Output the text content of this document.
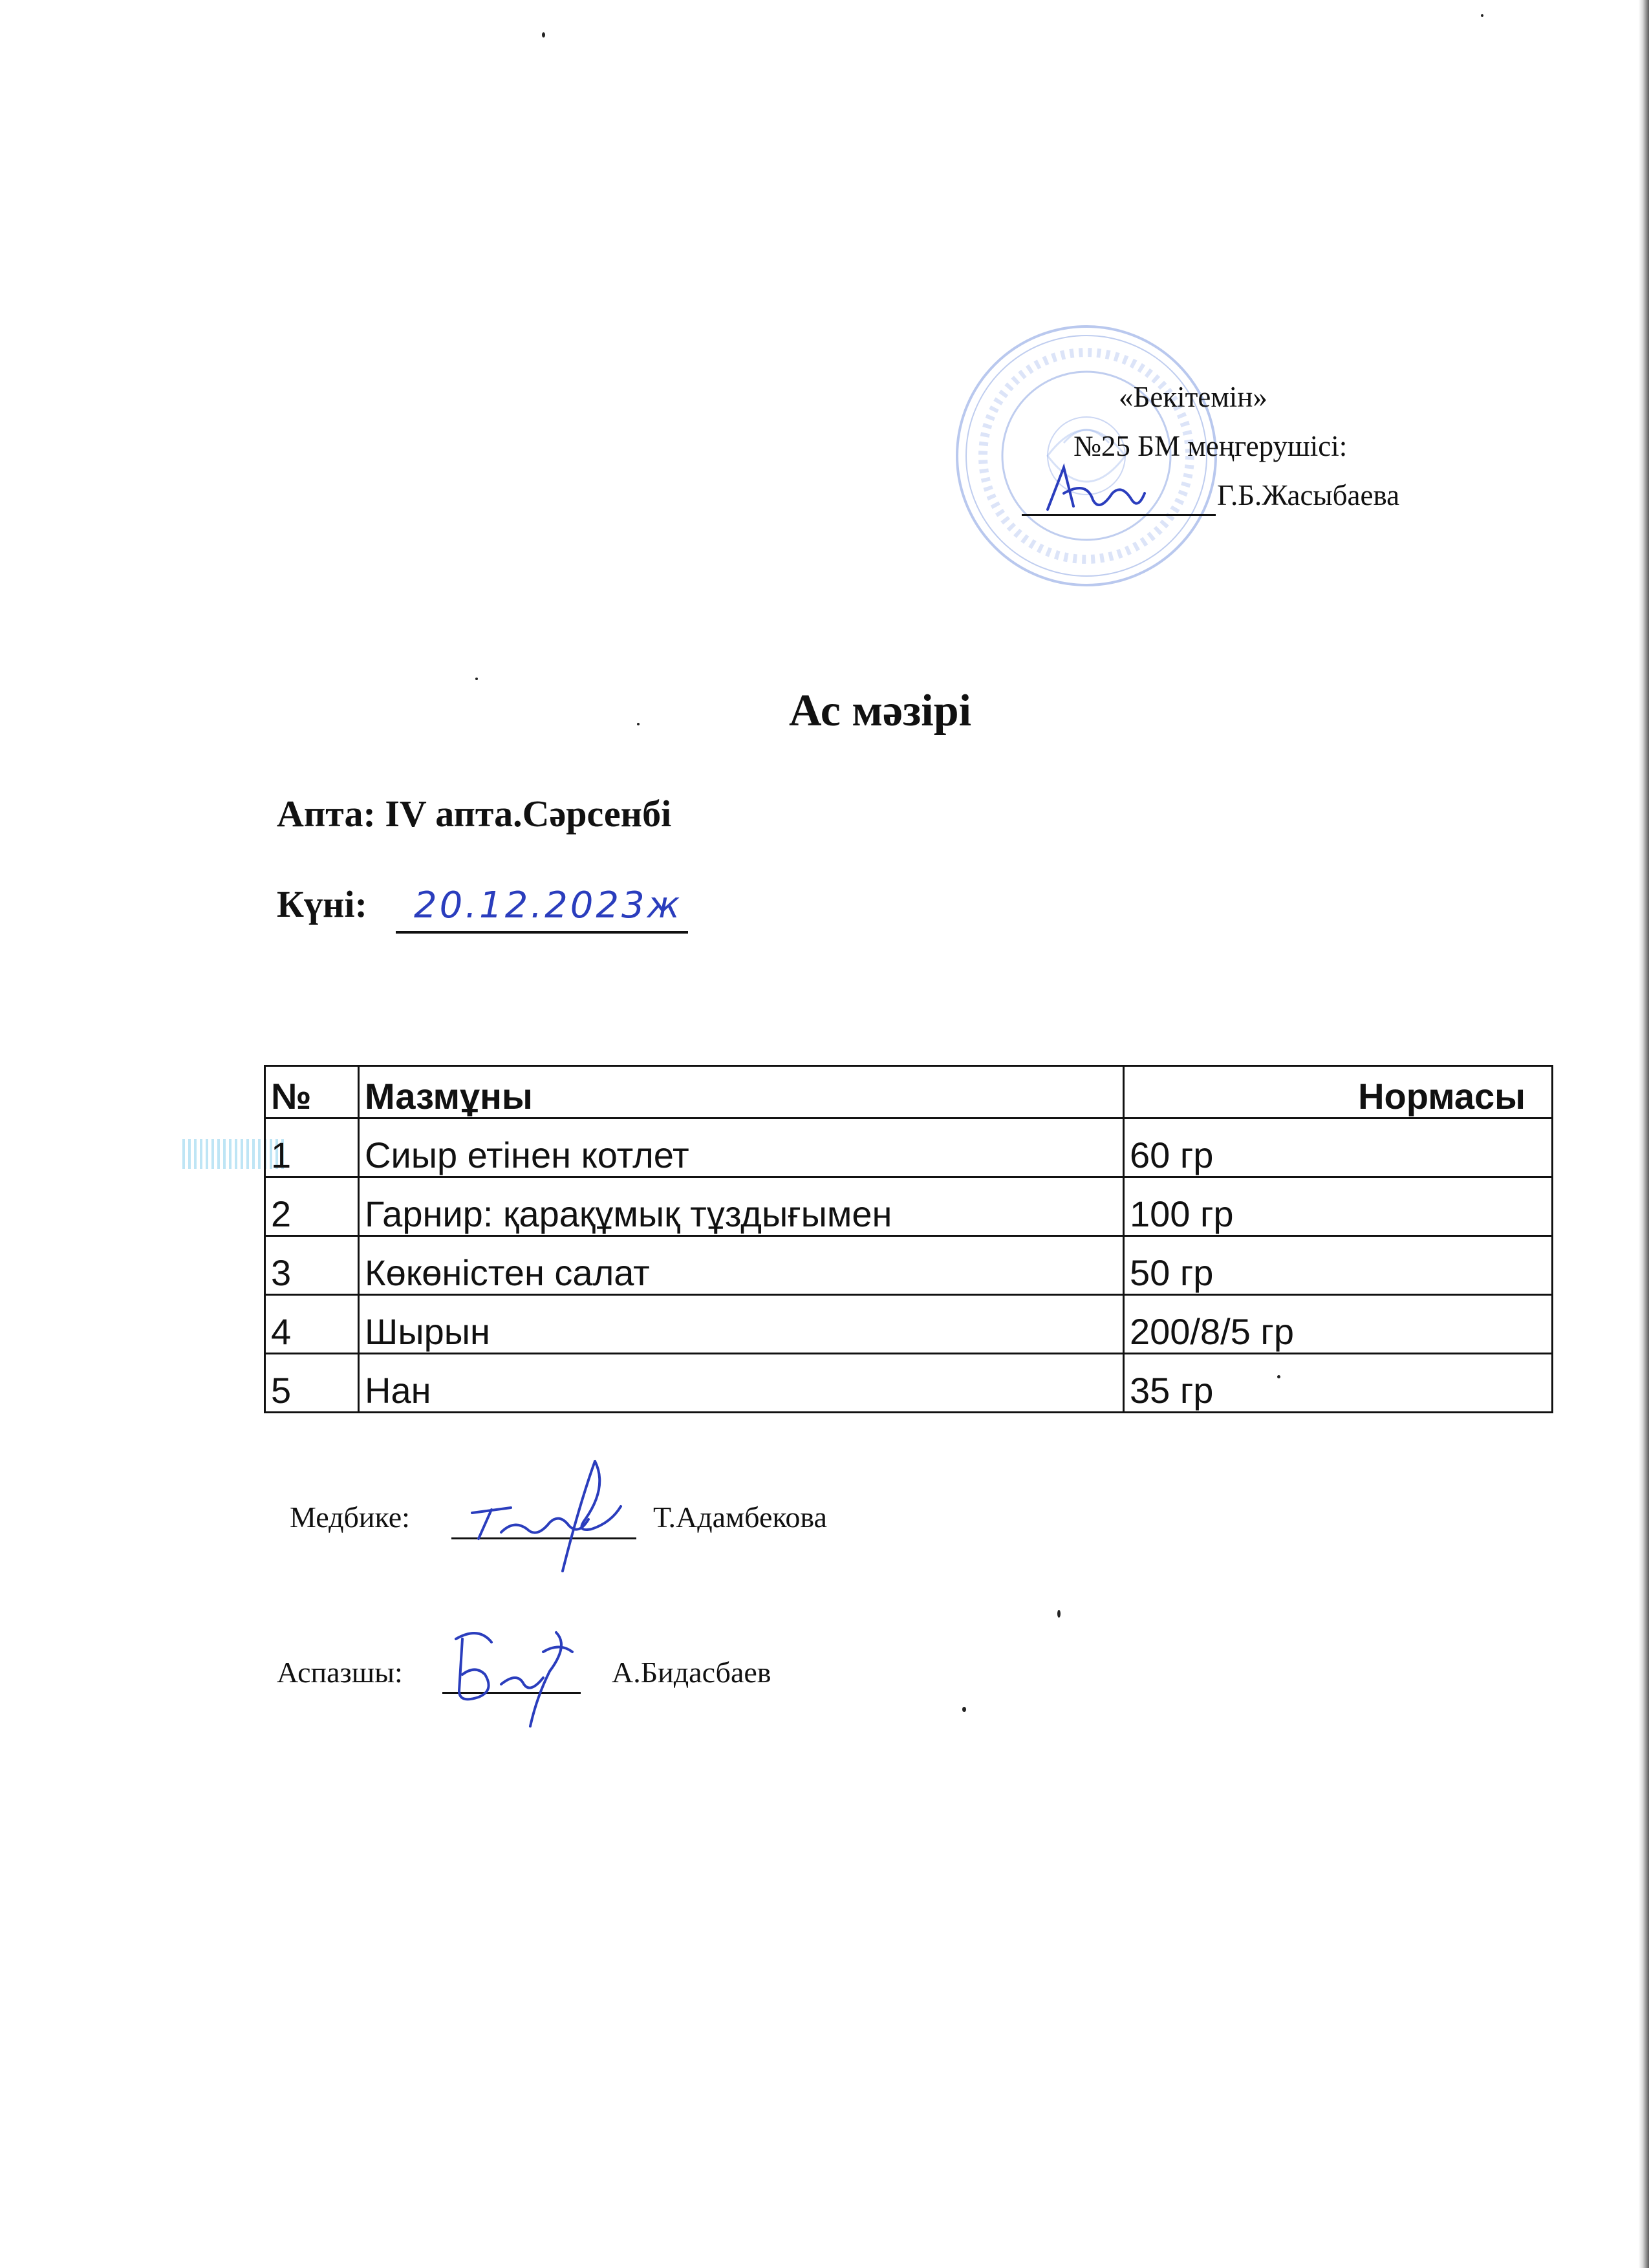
«Бекітемін»
№25 БМ меңгерушісі:
Г.Б.Жасыбаева
Ас мәзірі
Апта: IV апта.Сәрсенбі
Күні: 20.12.2023ж
№	Мазмұны	Нормасы
1	Сиыр етінен котлет	60 гр
2	Гарнир: қарақұмық тұздығымен	100 гр
3	Көкөністен салат	50 гр
4	Шырын	200/8/5 гр
5	Нан	35 гр
Медбике:	Т.Адамбекова
Аспазшы:	А.Бидасбаев
